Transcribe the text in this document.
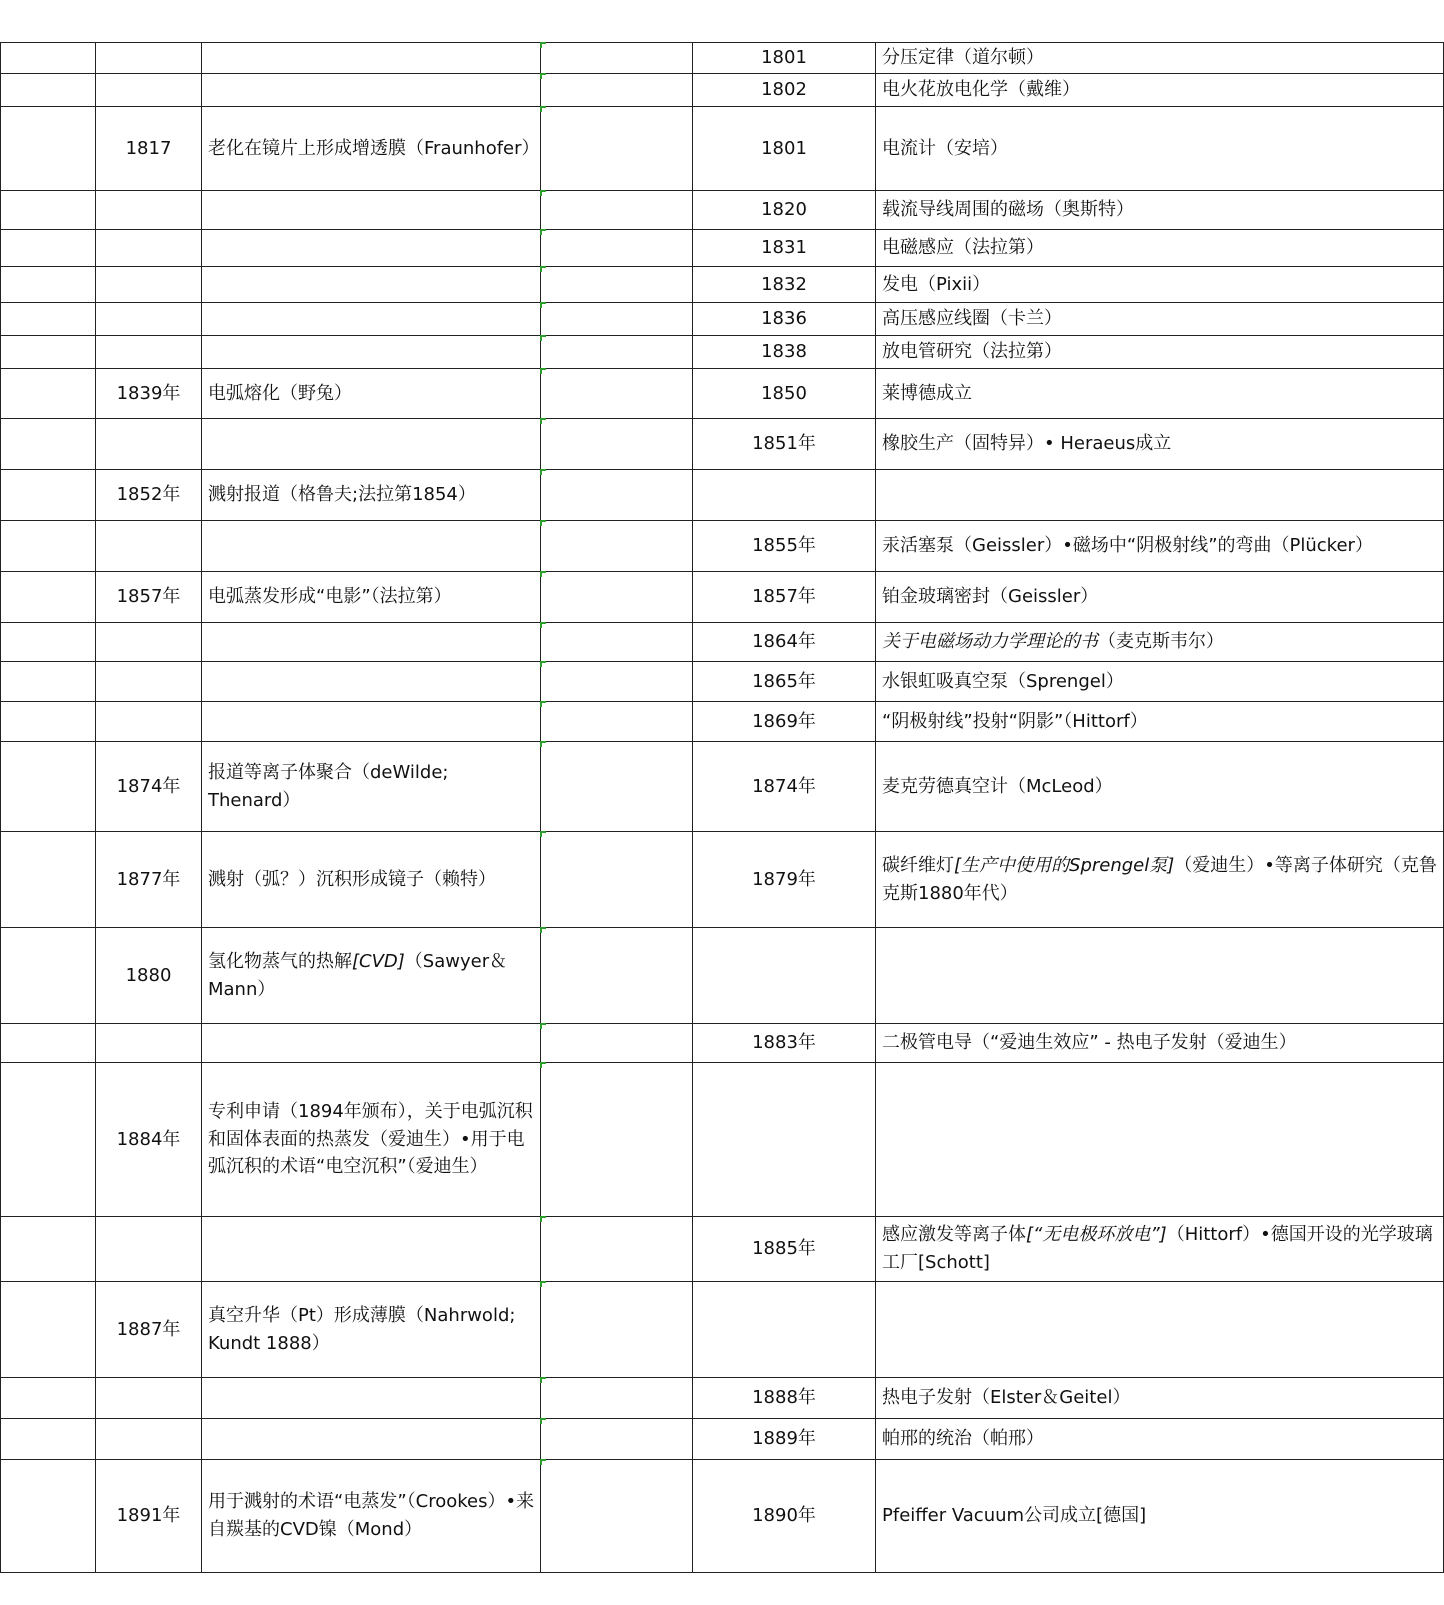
				1801	分压定律（道尔顿）
				1802	电火花放电化学（戴维）
	1817	老化在镜片上形成增透膜（Fraunhofer）		1801	电流计（安培）
				1820	载流导线周围的磁场（奥斯特）
				1831	电磁感应（法拉第）
				1832	发电（Pixii）
				1836	高压感应线圈（卡兰）
				1838	放电管研究（法拉第）
	1839年	电弧熔化（野兔）		1850	莱博德成立
				1851年	橡胶生产（固特异）• Heraeus成立
	1852年	溅射报道（格鲁夫;法拉第1854）			
				1855年	汞活塞泵（Geissler）•磁场中“阴极射线”的弯曲（Plücker）
	1857年	电弧蒸发形成“电影”（法拉第）		1857年	铂金玻璃密封（Geissler）
				1864年	关于电磁场动力学理论的书（麦克斯韦尔）
				1865年	水银虹吸真空泵（Sprengel）
				1869年	“阴极射线”投射“阴影”（Hittorf）
	1874年	报道等离子体聚合（deWilde; Thenard）		1874年	麦克劳德真空计（McLeod）
	1877年	溅射（弧？）沉积形成镜子（赖特）		1879年	碳纤维灯[生产中使用的Sprengel泵]（爱迪生）•等离子体研究（克鲁克斯1880年代）
	1880	氢化物蒸气的热解[CVD]（Sawyer＆Mann）			
				1883年	二极管电导（“爱迪生效应” - 热电子发射（爱迪生）
	1884年	专利申请（1894年颁布），关于电弧沉积和固体表面的热蒸发（爱迪生）•用于电弧沉积的术语“电空沉积”（爱迪生）			
				1885年	感应激发等离子体[“无电极环放电”]（Hittorf）•德国开设的光学玻璃工厂[Schott]
	1887年	真空升华（Pt）形成薄膜（Nahrwold; Kundt 1888）			
				1888年	热电子发射（Elster＆Geitel）
				1889年	帕邢的统治（帕邢）
	1891年	用于溅射的术语“电蒸发”（Crookes）•来自羰基的CVD镍（Mond）		1890年	Pfeiffer Vacuum公司成立[德国]
